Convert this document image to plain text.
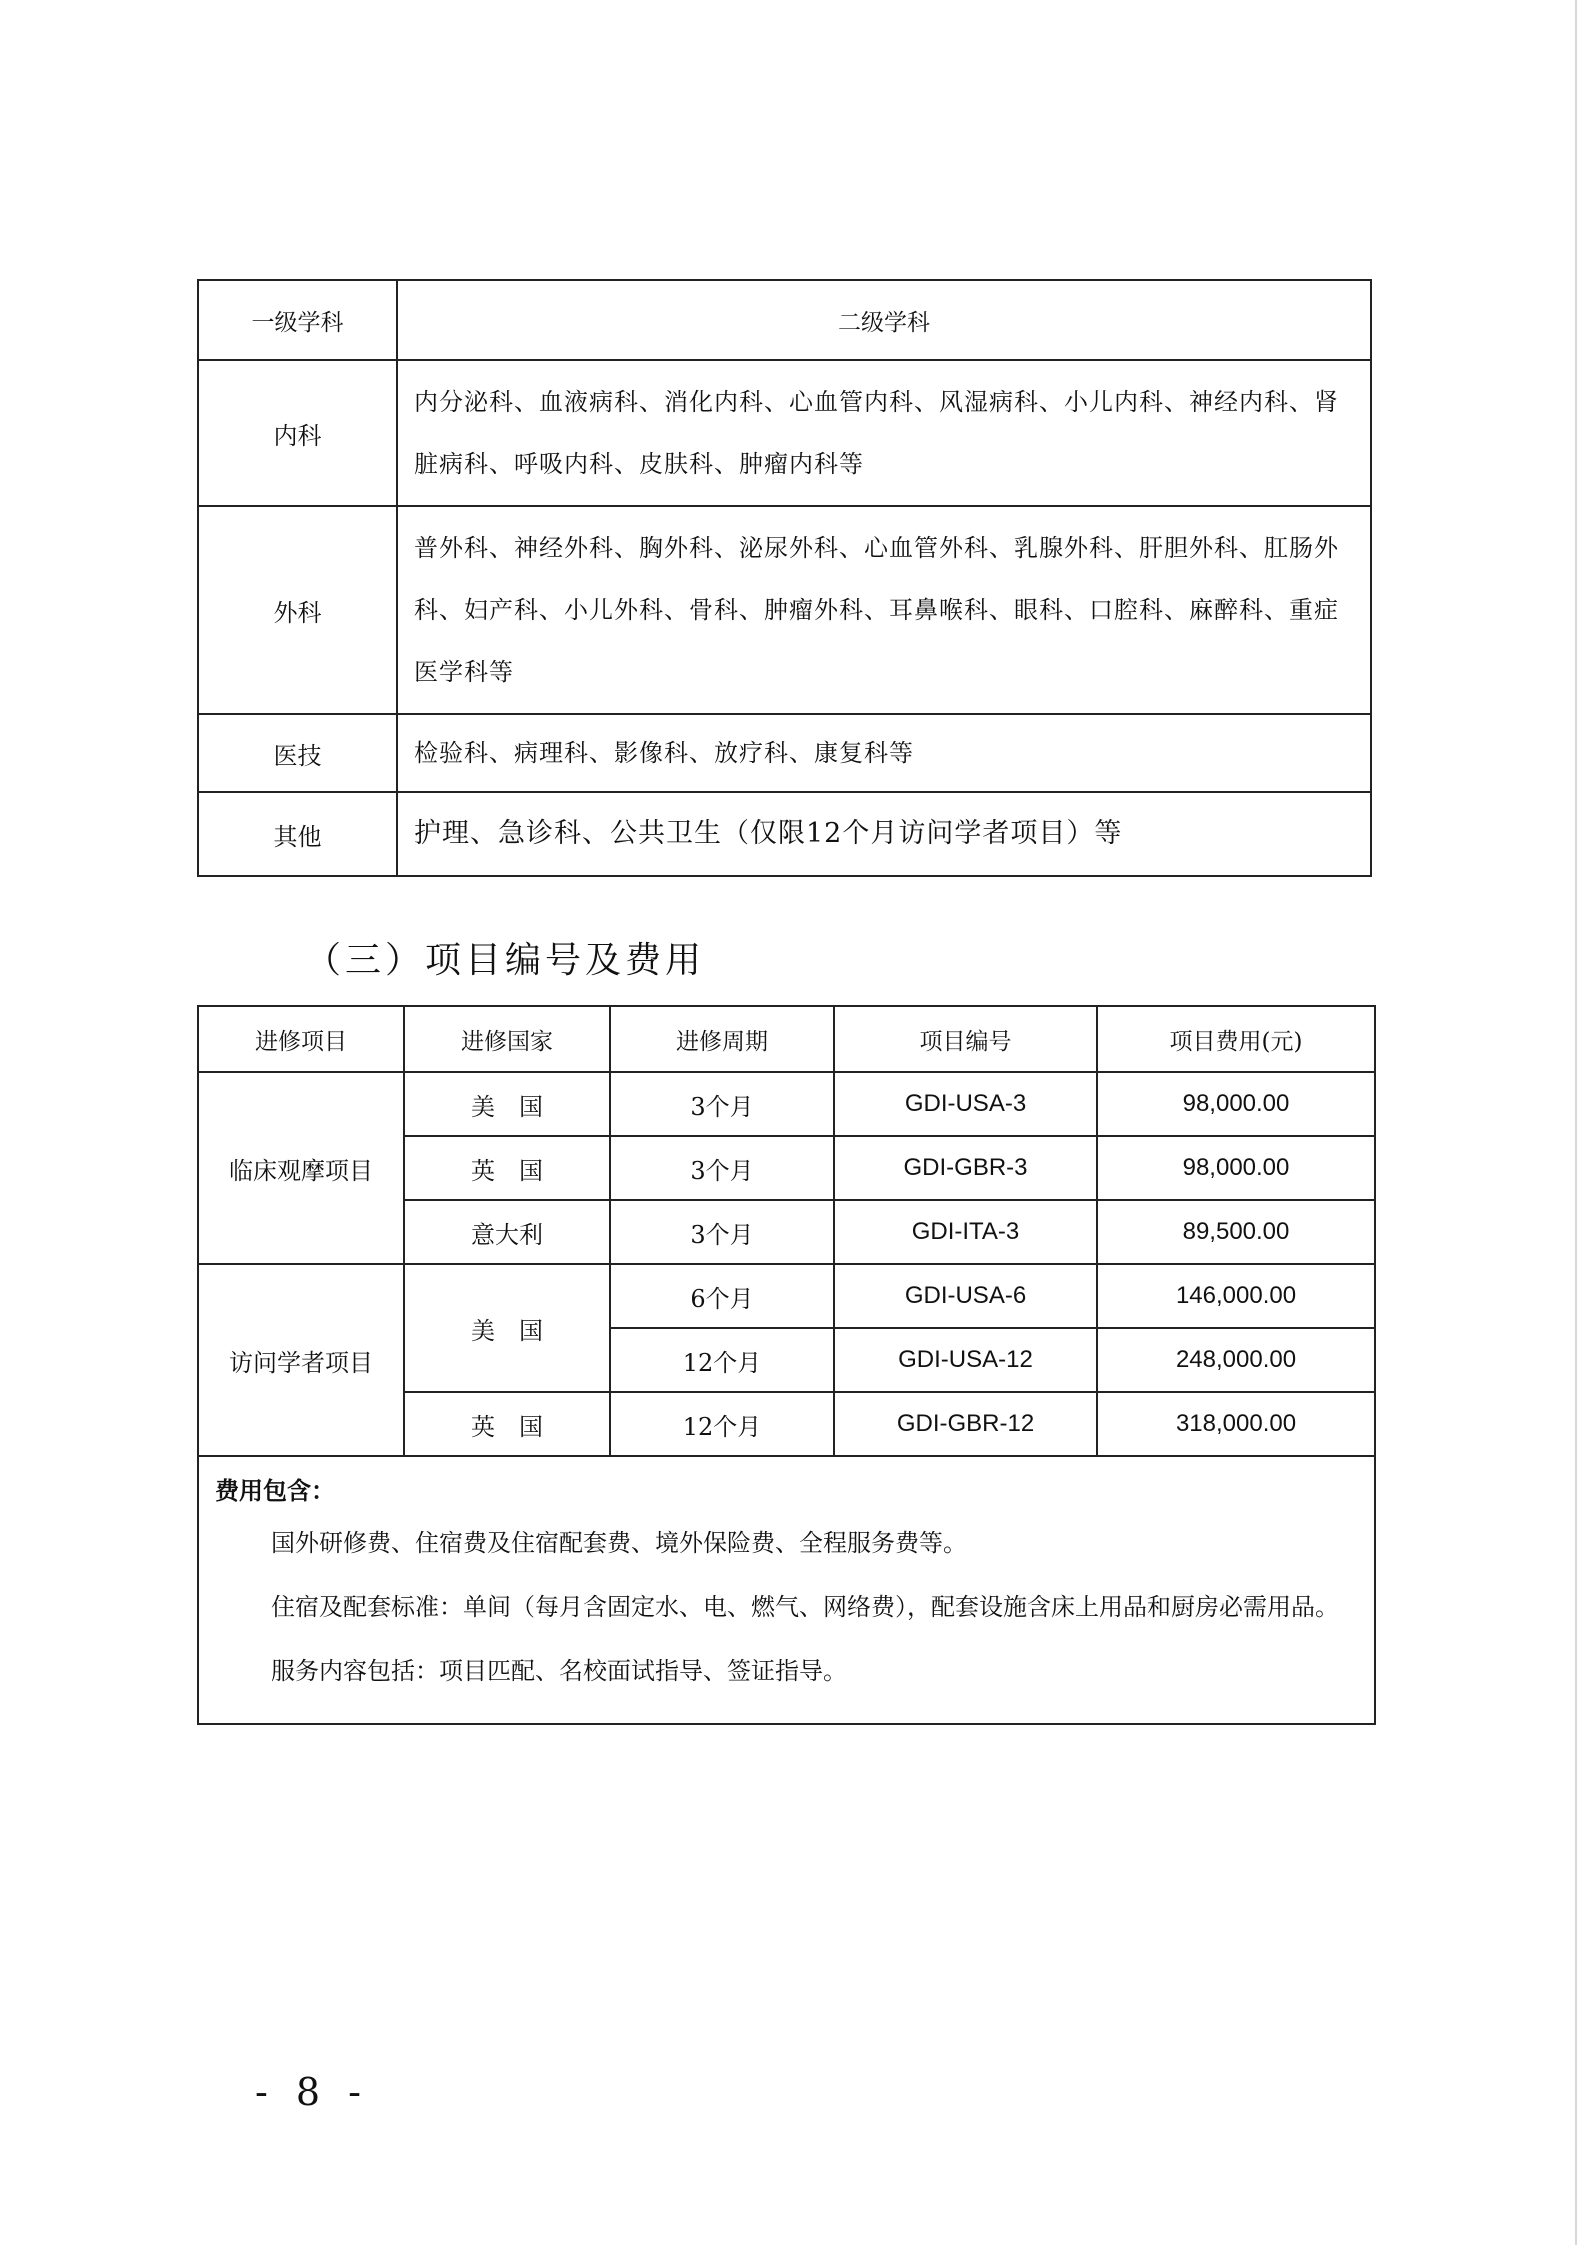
一级学科	二级学科
内科	内分泌科、血液病科、消化内科、心血管内科、风湿病科、小儿内科、神经内科、肾脏病科、呼吸内科、皮肤科、肿瘤内科等
外科	普外科、神经外科、胸外科、泌尿外科、心血管外科、乳腺外科、肝胆外科、肛肠外科、妇产科、小儿外科、骨科、肿瘤外科、耳鼻喉科、眼科、口腔科、麻醉科、重症医学科等
医技	检验科、病理科、影像科、放疗科、康复科等
其他	护理、急诊科、公共卫生（仅限12个月访问学者项目）等
（三）项目编号及费用
进修项目	进修国家	进修周期	项目编号	项目费用(元)
临床观摩项目	美　国	3个月	GDI-USA-3	98,000.00
	英　国	3个月	GDI-GBR-3	98,000.00
	意大利	3个月	GDI-ITA-3	89,500.00
访问学者项目	美　国	6个月	GDI-USA-6	146,000.00
		12个月	GDI-USA-12	248,000.00
	英　国	12个月	GDI-GBR-12	318,000.00

费用包含：
国外研修费、住宿费及住宿配套费、境外保险费、全程服务费等。
住宿及配套标准：单间（每月含固定水、电、燃气、网络费），配套设施含床上用品和厨房必需用品。
服务内容包括：项目匹配、名校面试指导、签证指导。				
- 8 -
